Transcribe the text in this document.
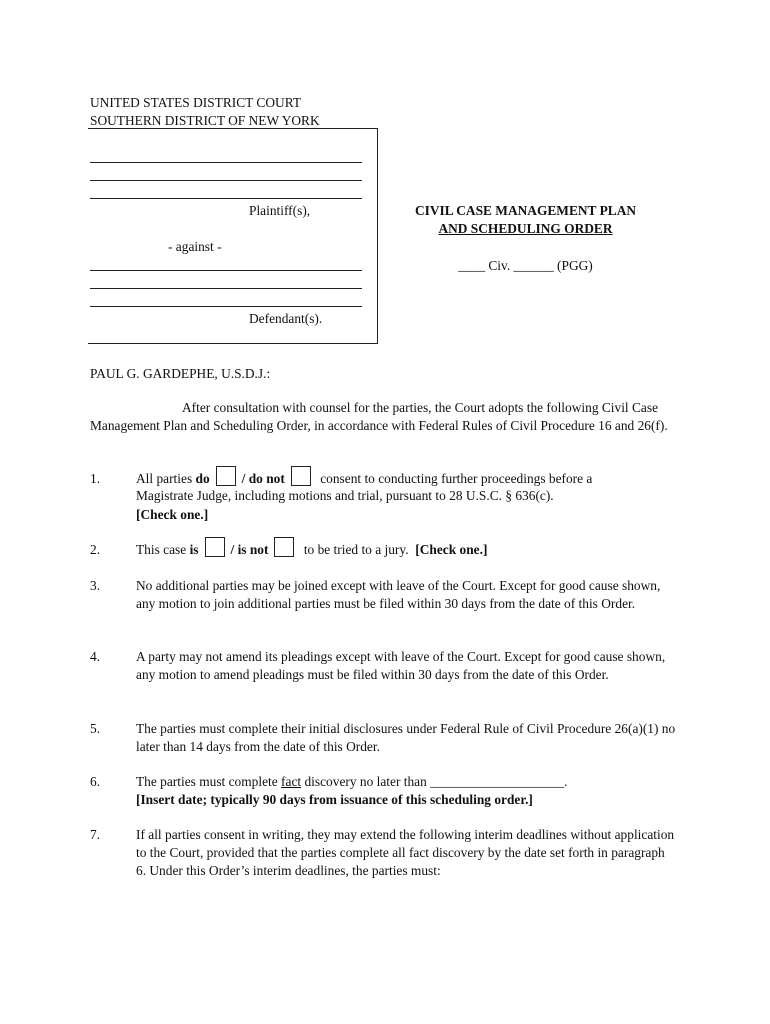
UNITED STATES DISTRICT COURT
SOUTHERN DISTRICT OF NEW YORK
Plaintiff(s),
- against -
Defendant(s).
CIVIL CASE MANAGEMENT PLAN
AND SCHEDULING ORDER
____ Civ. ______ (PGG)
PAUL G. GARDEPHE, U.S.D.J.:
After consultation with counsel for the parties, the Court adopts the following Civil Case Management Plan and Scheduling Order, in accordance with Federal Rules of Civil Procedure 16 and 26(f).
1.	All parties do / do not	consent to conducting further proceedings before a
Magistrate Judge, including motions and trial, pursuant to 28 U.S.C. § 636(c).
[Check one.]
2.	This case is / is not	to be tried to a jury. [Check one.]
3.	No additional parties may be joined except with leave of the Court. Except for good cause shown, any motion to join additional parties must be filed within 30 days from the date of this Order.
4.	A party may not amend its pleadings except with leave of the Court. Except for good cause shown, any motion to amend pleadings must be filed within 30 days from the date of this Order.
5.	The parties must complete their initial disclosures under Federal Rule of Civil Procedure 26(a)(1) no later than 14 days from the date of this Order.
6.	The parties must complete fact discovery no later than ____________________.
[Insert date; typically 90 days from issuance of this scheduling order.]
7.	If all parties consent in writing, they may extend the following interim deadlines without application to the Court, provided that the parties complete all fact discovery by the date set forth in paragraph 6. Under this Order’s interim deadlines, the parties must:
